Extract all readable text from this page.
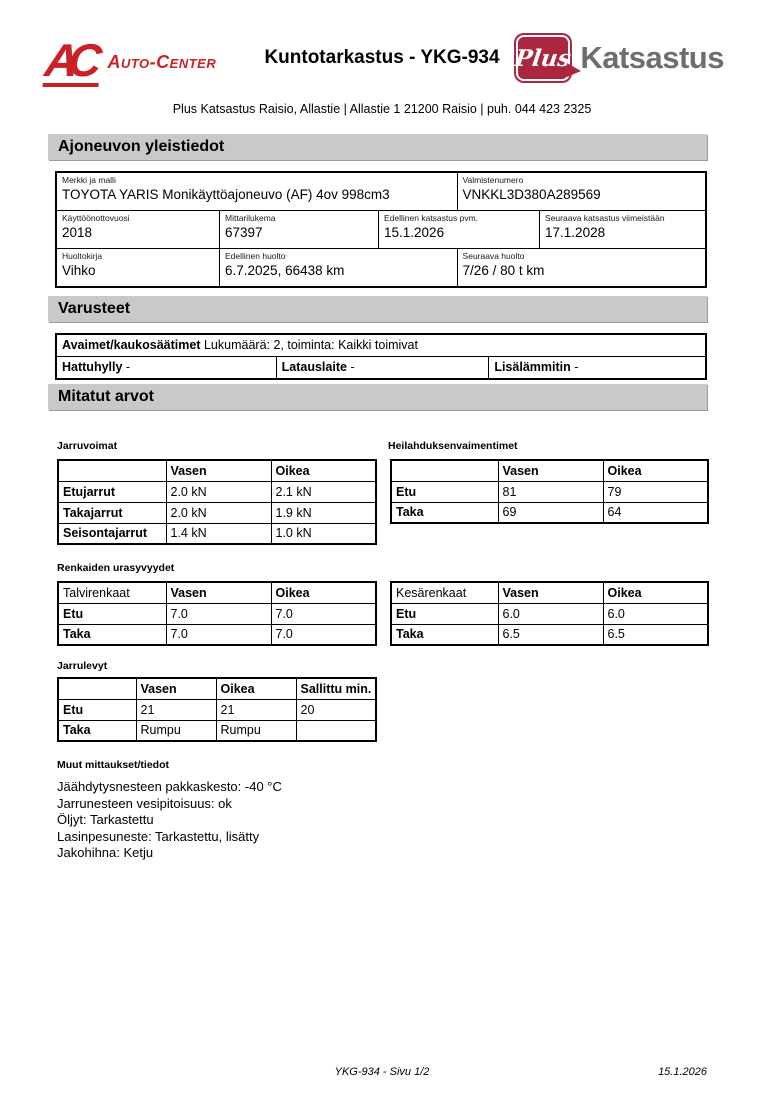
AC Auto-Center	Kuntotarkastus - YKG-934 Plus Katsastus
Plus Katsastus Raisio, Allastie | Allastie 1 21200 Raisio | puh. 044 423 2325
Ajoneuvon yleistiedot
Merkki ja malli
TOYOTA YARIS Monikäyttöajoneuvo (AF) 4ov 998cm3
Valmistenumero
VNKKL3D380A289569
Käyttöönottovuosi
2018
Mittarilukema
67397
Edellinen katsastus pvm.
15.1.2026
Seuraava katsastus viimeistään
17.1.2028
Huoltokirja
Vihko
Edellinen huolto
6.7.2025, 66438 km
Seuraava huolto
7/26 / 80 t km
Varusteet
Avaimet/kaukosäätimet Lukumäärä: 2, toiminta: Kaikki toimivat
Hattuhylly -	Latauslaite -	Lisälämmitin -
Mitatut arvot
Jarruvoimat	Heilahduksenvaimentimet
	Vasen	Oikea
Etujarrut	2.0 kN	2.1 kN
Takajarrut	2.0 kN	1.9 kN
Seisontajarrut	1.4 kN	1.0 kN
	Vasen	Oikea
Etu	81	79
Taka	69	64
Renkaiden urasyvyydet
Talvirenkaat	Vasen	Oikea
Etu	7.0	7.0
Taka	7.0	7.0
Kesärenkaat	Vasen	Oikea
Etu	6.0	6.0
Taka	6.5	6.5
Jarrulevyt
	Vasen	Oikea	Sallittu min.
Etu	21	21	20
Taka	Rumpu	Rumpu	
Muut mittaukset/tiedot
Jäähdytysnesteen pakkaskesto: -40 °C
Jarrunesteen vesipitoisuus: ok
Öljyt: Tarkastettu
Lasinpesuneste: Tarkastettu, lisätty
Jakohihna: Ketju
YKG-934 - Sivu 1/2	15.1.2026
